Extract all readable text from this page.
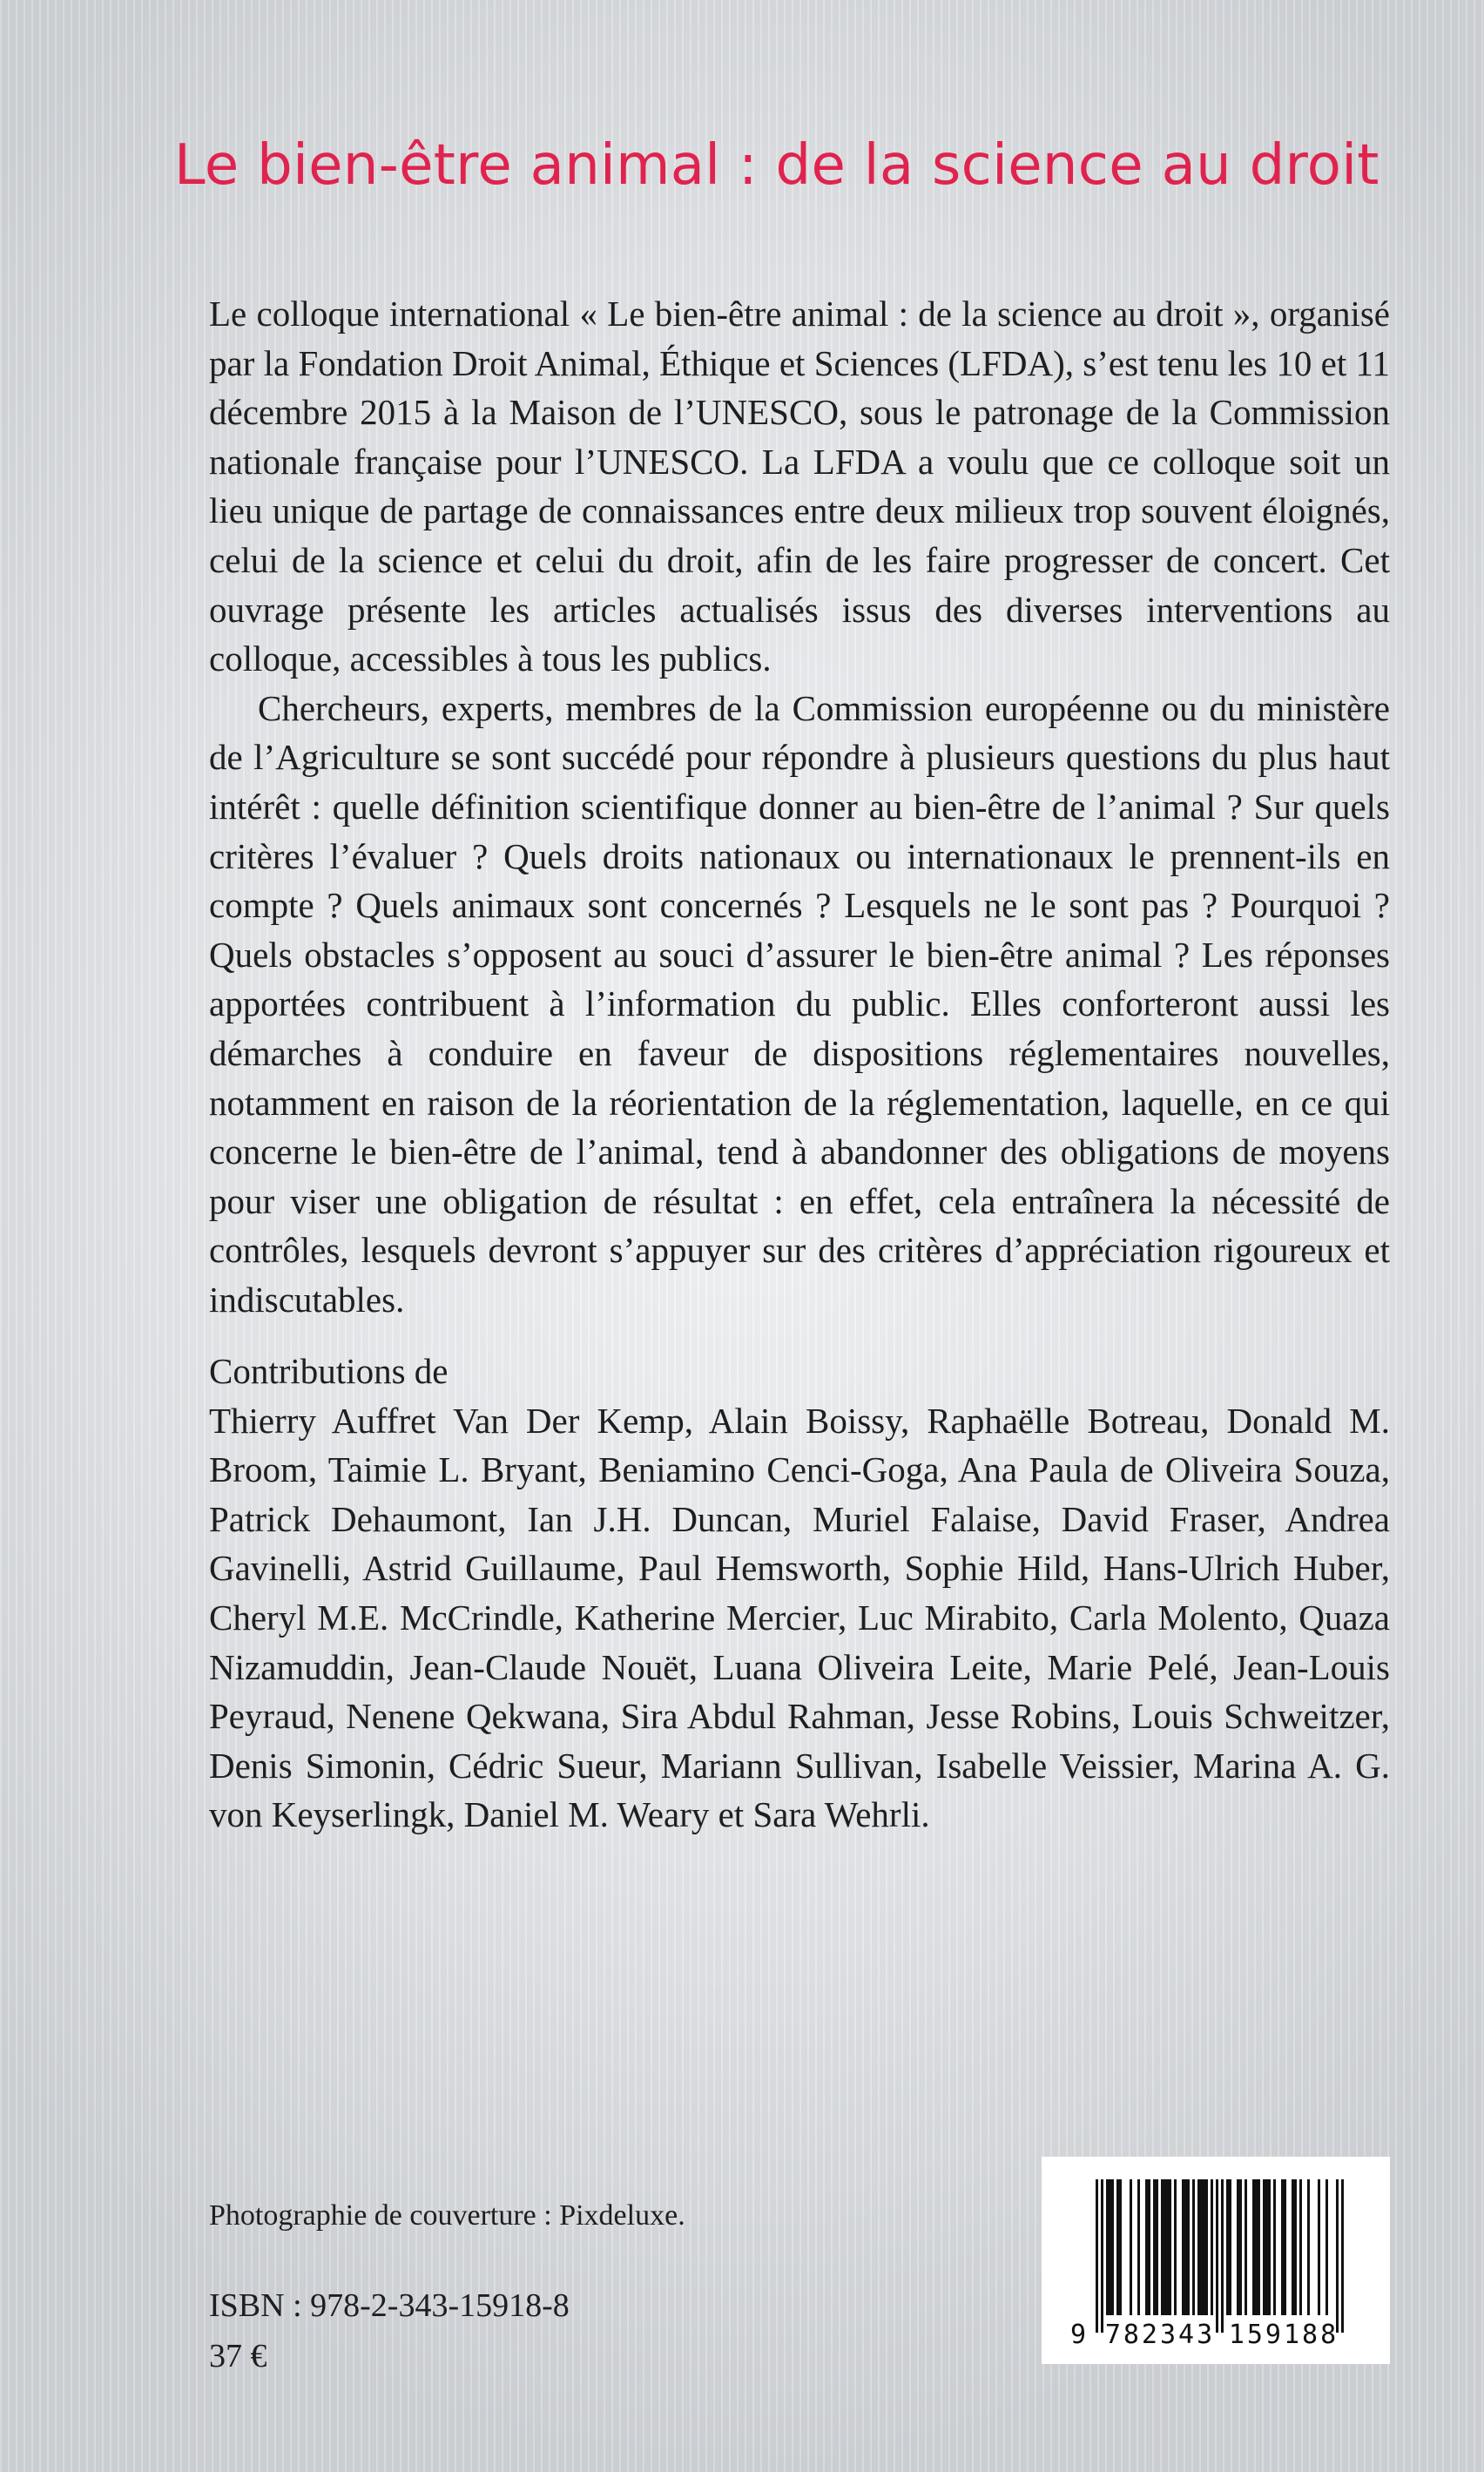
Le bien-être animal : de la science au droit

Le colloque international « Le bien-être animal : de la science au droit », organisé par la Fondation Droit Animal, Éthique et Sciences (LFDA), s’est tenu les 10 et 11 décembre 2015 à la Maison de l’UNESCO, sous le patronage de la Commission nationale française pour l’UNESCO. La LFDA a voulu que ce colloque soit un lieu unique de partage de connaissances entre deux milieux trop souvent éloignés, celui de la science et celui du droit, afin de les faire progresser de concert. Cet ouvrage présente les articles actualisés issus des diverses interventions au colloque, accessibles à tous les publics.

Chercheurs, experts, membres de la Commission européenne ou du ministère de l’Agriculture se sont succédé pour répondre à plusieurs questions du plus haut intérêt : quelle définition scientifique donner au bien-être de l’animal ? Sur quels critères l’évaluer ? Quels droits nationaux ou internationaux le prennent-ils en compte ? Quels animaux sont concernés ? Lesquels ne le sont pas ? Pourquoi ? Quels obstacles s’opposent au souci d’assurer le bien-être animal ? Les réponses apportées contribuent à l’information du public. Elles conforteront aussi les démarches à conduire en faveur de dispositions réglementaires nouvelles, notamment en raison de la réorientation de la réglementation, laquelle, en ce qui concerne le bien-être de l’animal, tend à abandonner des obligations de moyens pour viser une obligation de résultat : en effet, cela entraînera la nécessité de contrôles, lesquels devront s’appuyer sur des critères d’appréciation rigoureux et indiscutables.

Contributions de

Thierry Auffret Van Der Kemp, Alain Boissy, Raphaëlle Botreau, Donald M. Broom, Taimie L. Bryant, Beniamino Cenci-Goga, Ana Paula de Oliveira Souza, Patrick Dehaumont, Ian J.H. Duncan, Muriel Falaise, David Fraser, Andrea Gavinelli, Astrid Guillaume, Paul Hemsworth, Sophie Hild, Hans-Ulrich Huber, Cheryl M.E. McCrindle, Katherine Mercier, Luc Mirabito, Carla Molento, Quaza Nizamuddin, Jean-Claude Nouët, Luana Oliveira Leite, Marie Pelé, Jean-Louis Peyraud, Nenene Qekwana, Sira Abdul Rahman, Jesse Robins, Louis Schweitzer, Denis Simonin, Cédric Sueur, Mariann Sullivan, Isabelle Veissier, Marina A. G. von Keyserlingk, Daniel M. Weary et Sara Wehrli.

Photographie de couverture : Pixdeluxe.
ISBN : 978-2-343-15918-8
37 €
9 782343 159188
